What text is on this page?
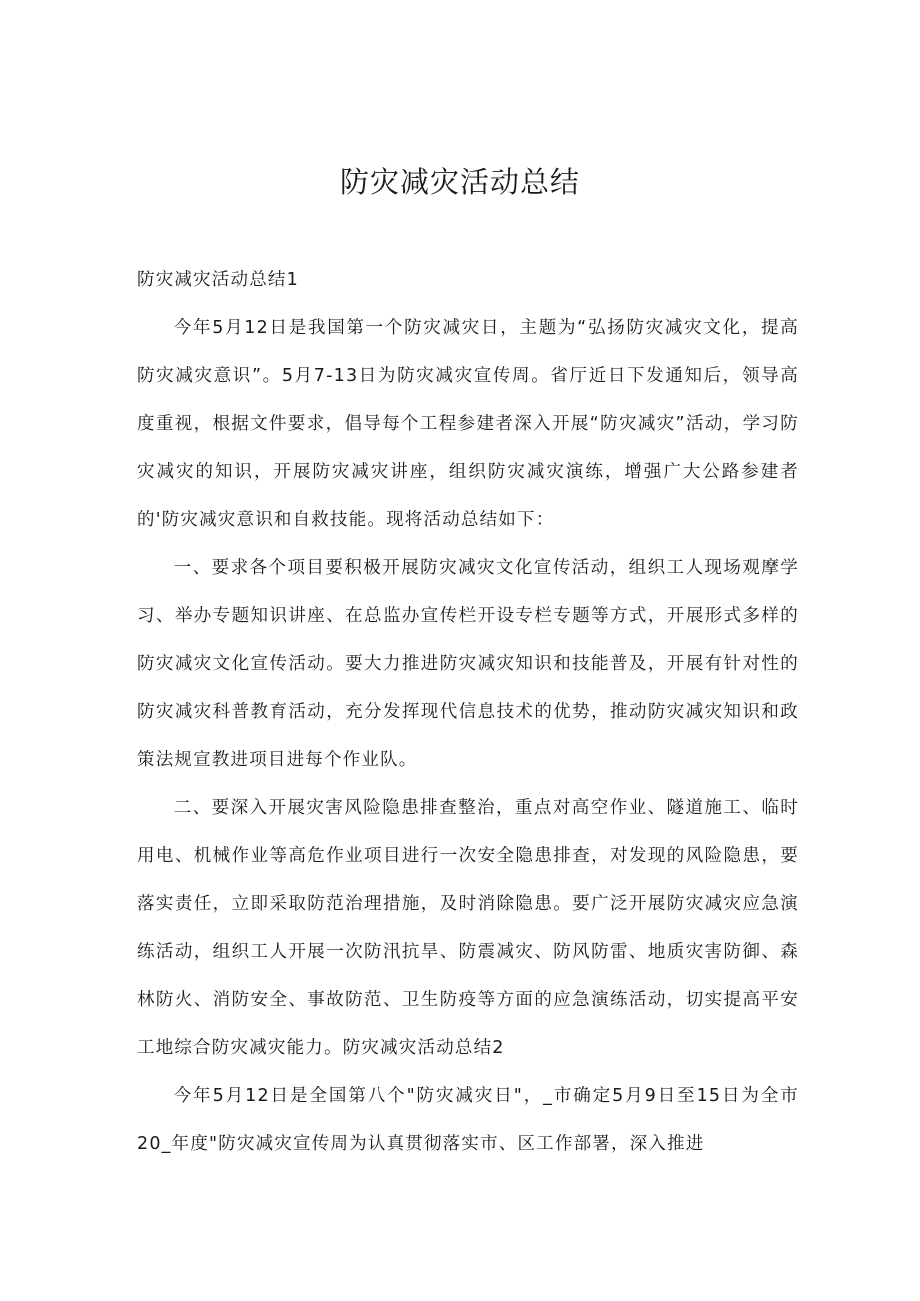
防灾减灾活动总结

防灾减灾活动总结1

今年5月12日是我国第一个防灾减灾日，主题为“弘扬防灾减灾文化，提高防灾减灾意识”。5月7-13日为防灾减灾宣传周。省厅近日下发通知后，领导高度重视，根据文件要求，倡导每个工程参建者深入开展“防灾减灾”活动，学习防灾减灾的知识，开展防灾减灾讲座，组织防灾减灾演练，增强广大公路参建者的'防灾减灾意识和自救技能。现将活动总结如下：

一、要求各个项目要积极开展防灾减灾文化宣传活动，组织工人现场观摩学习、举办专题知识讲座、在总监办宣传栏开设专栏专题等方式，开展形式多样的防灾减灾文化宣传活动。要大力推进防灾减灾知识和技能普及，开展有针对性的防灾减灾科普教育活动，充分发挥现代信息技术的优势，推动防灾减灾知识和政策法规宣教进项目进每个作业队。

二、要深入开展灾害风险隐患排查整治，重点对高空作业、隧道施工、临时用电、机械作业等高危作业项目进行一次安全隐患排查，对发现的风险隐患，要落实责任，立即采取防范治理措施，及时消除隐患。要广泛开展防灾减灾应急演练活动，组织工人开展一次防汛抗旱、防震减灾、防风防雷、地质灾害防御、森林防火、消防安全、事故防范、卫生防疫等方面的应急演练活动，切实提高平安工地综合防灾减灾能力。防灾减灾活动总结2

今年5月12日是全国第八个"防灾减灾日"，_市确定5月9日至15日为全市20_年度"防灾减灾宣传周为认真贯彻落实市、区工作部署，深入推进
